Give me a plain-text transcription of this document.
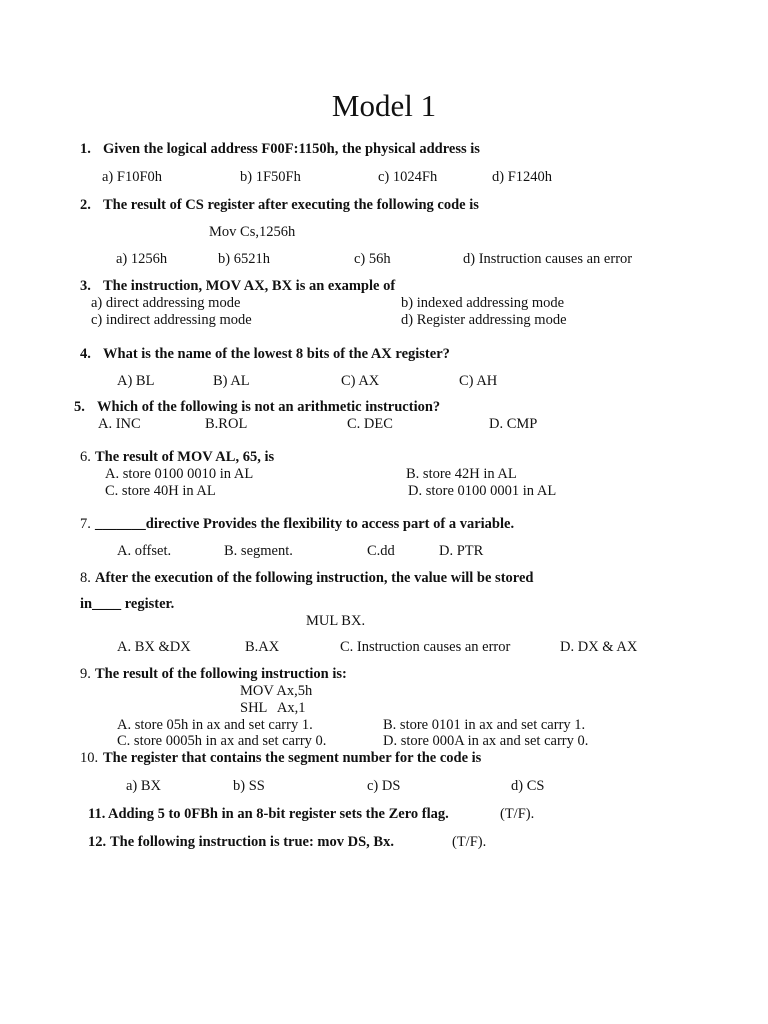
Model 1
1. Given the logical address F00F:1150h, the physical address is
a) F10F0h	b) 1F50Fh	c) 1024Fh	d) F1240h
2. The result of CS register after executing the following code is
Mov Cs,1256h
a) 1256h	b) 6521h	c) 56h	d) Instruction causes an error
3. The instruction, MOV AX, BX is an example of
a) direct addressing mode	b) indexed addressing mode
c) indirect addressing mode	d) Register addressing mode
4. What is the name of the lowest 8 bits of the AX register?
A) BL	B) AL	C) AX	C) AH
5. Which of the following is not an arithmetic instruction?
A. INC	B.ROL	C. DEC	D. CMP
6. The result of MOV AL, 65, is
A. store 0100 0010 in AL	B. store 42H in AL
C. store 40H in AL	D. store 0100 0001 in AL
7. _______directive Provides the flexibility to access part of a variable.
A. offset.	B. segment.	C.dd	D. PTR
8. After the execution of the following instruction, the value will be stored
in____ register.
MUL BX.
A. BX &DX	B.AX	C. Instruction causes an error	D. DX & AX
9. The result of the following instruction is:
MOV Ax,5h
SHL   Ax,1
A. store 05h in ax and set carry 1.	B. store 0101 in ax and set carry 1.
C. store 0005h in ax and set carry 0.	D. store 000A in ax and set carry 0.
10. The register that contains the segment number for the code is
a) BX	b) SS	c) DS	d) CS
11. Adding 5 to 0FBh in an 8-bit register sets the Zero flag.	(T/F).
12. The following instruction is true: mov DS, Bx.	(T/F).
